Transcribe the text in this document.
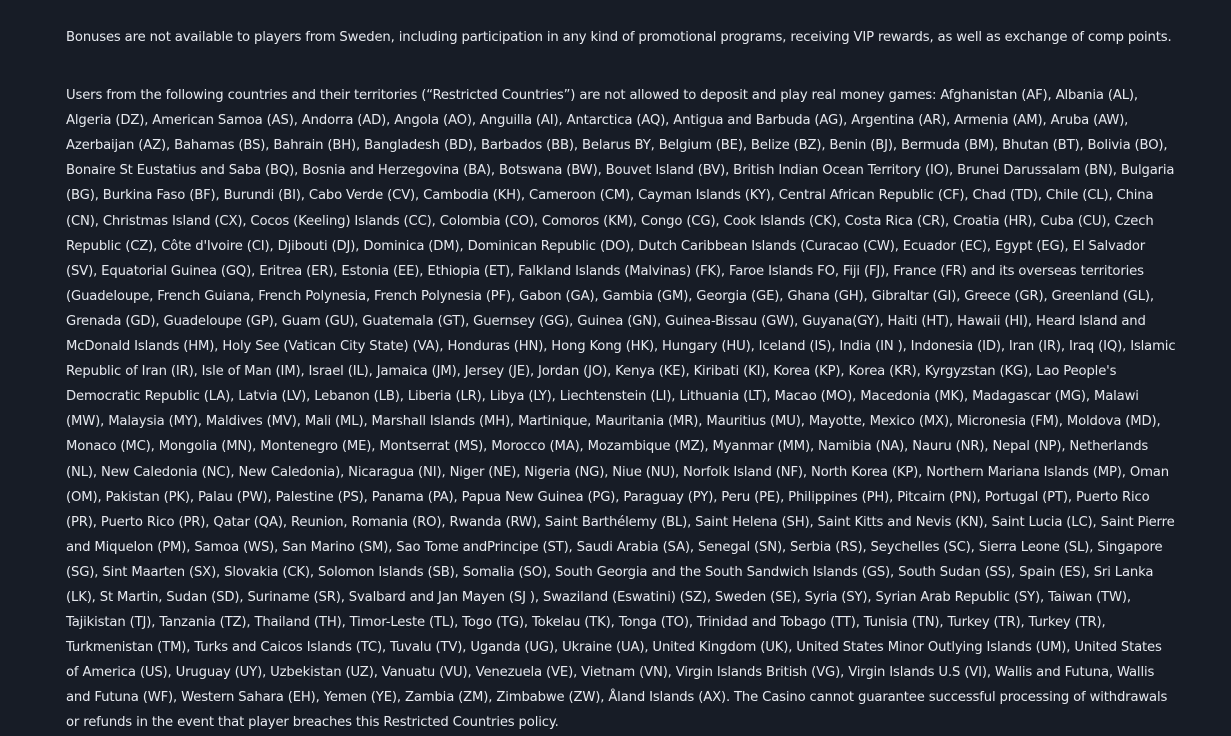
Bonuses are not available to players from Sweden, including participation in any kind of promotional programs, receiving VIP rewards, as well as exchange of comp points.

Users from the following countries and their territories (“Restricted Countries”) are not allowed to deposit and play real money games: Afghanistan (AF), Albania (AL), Algeria (DZ), American Samoa (AS), Andorra (AD), Angola (AO), Anguilla (AI), Antarctica (AQ), Antigua and Barbuda (AG), Argentina (AR), Armenia (AM), Aruba (AW), Azerbaijan (AZ), Bahamas (BS), Bahrain (BH), Bangladesh (BD), Barbados (BB), Belarus BY, Belgium (BE), Belize (BZ), Benin (BJ), Bermuda (BM), Bhutan (BT), Bolivia (BO), Bonaire St Eustatius and Saba (BQ), Bosnia and Herzegovina (BA), Botswana (BW), Bouvet Island (BV), British Indian Ocean Territory (IO), Brunei Darussalam (BN), Bulgaria (BG), Burkina Faso (BF), Burundi (BI), Cabo Verde (CV), Cambodia (KH), Cameroon (CM), Cayman Islands (KY), Central African Republic (CF), Chad (TD), Chile (CL), China (CN), Christmas Island (CX), Cocos (Keeling) Islands (CC), Colombia (CO), Comoros (KM), Congo (CG), Cook Islands (CK), Costa Rica (CR), Croatia (HR), Cuba (CU), Czech Republic (CZ), Côte d'Ivoire (CI), Djibouti (DJ), Dominica (DM), Dominican Republic (DO), Dutch Caribbean Islands (Curacao (CW), Ecuador (EC), Egypt (EG), El Salvador (SV), Equatorial Guinea (GQ), Eritrea (ER), Estonia (EE), Ethiopia (ET), Falkland Islands (Malvinas) (FK), Faroe Islands FO, Fiji (FJ), France (FR) and its overseas territories (Guadeloupe, French Guiana, French Polynesia, French Polynesia (PF), Gabon (GA), Gambia (GM), Georgia (GE), Ghana (GH), Gibraltar (GI), Greece (GR), Greenland (GL), Grenada (GD), Guadeloupe (GP), Guam (GU), Guatemala (GT), Guernsey (GG), Guinea (GN), Guinea-Bissau (GW), Guyana(GY), Haiti (HT), Hawaii (HI), Heard Island and McDonald Islands (HM), Holy See (Vatican City State) (VA), Honduras (HN), Hong Kong (HK), Hungary (HU), Iceland (IS), India (IN ), Indonesia (ID), Iran (IR), Iraq (IQ), Islamic Republic of Iran (IR), Isle of Man (IM), Israel (IL), Jamaica (JM), Jersey (JE), Jordan (JO), Kenya (KE), Kiribati (KI), Korea (KP), Korea (KR), Kyrgyzstan (KG), Lao People's Democratic Republic (LA), Latvia (LV), Lebanon (LB), Liberia (LR), Libya (LY), Liechtenstein (LI), Lithuania (LT), Macao (MO), Macedonia (MK), Madagascar (MG), Malawi (MW), Malaysia (MY), Maldives (MV), Mali (ML), Marshall Islands (MH), Martinique, Mauritania (MR), Mauritius (MU), Mayotte, Mexico (MX), Micronesia (FM), Moldova (MD), Monaco (MC), Mongolia (MN), Montenegro (ME), Montserrat (MS), Morocco (MA), Mozambique (MZ), Myanmar (MM), Namibia (NA), Nauru (NR), Nepal (NP), Netherlands (NL), New Caledonia (NC), New Caledonia), Nicaragua (NI), Niger (NE), Nigeria (NG), Niue (NU), Norfolk Island (NF), North Korea (KP), Northern Mariana Islands (MP), Oman (OM), Pakistan (PK), Palau (PW), Palestine (PS), Panama (PA), Papua New Guinea (PG), Paraguay (PY), Peru (PE), Philippines (PH), Pitcairn (PN), Portugal (PT), Puerto Rico (PR), Puerto Rico (PR), Qatar (QA), Reunion, Romania (RO), Rwanda (RW), Saint Barthélemy (BL), Saint Helena (SH), Saint Kitts and Nevis (KN), Saint Lucia (LC), Saint Pierre and Miquelon (PM), Samoa (WS), San Marino (SM), Sao Tome andPrincipe (ST), Saudi Arabia (SA), Senegal (SN), Serbia (RS), Seychelles (SC), Sierra Leone (SL), Singapore (SG), Sint Maarten (SX), Slovakia (CK), Solomon Islands (SB), Somalia (SO), South Georgia and the South Sandwich Islands (GS), South Sudan (SS), Spain (ES), Sri Lanka (LK), St Martin, Sudan (SD), Suriname (SR), Svalbard and Jan Mayen (SJ ), Swaziland (Eswatini) (SZ), Sweden (SE), Syria (SY), Syrian Arab Republic (SY), Taiwan (TW), Tajikistan (TJ), Tanzania (TZ), Thailand (TH), Timor-Leste (TL), Togo (TG), Tokelau (TK), Tonga (TO), Trinidad and Tobago (TT), Tunisia (TN), Turkey (TR), Turkey (TR), Turkmenistan (TM), Turks and Caicos Islands (TC), Tuvalu (TV), Uganda (UG), Ukraine (UA), United Kingdom (UK), United States Minor Outlying Islands (UM), United States of America (US), Uruguay (UY), Uzbekistan (UZ), Vanuatu (VU), Venezuela (VE), Vietnam (VN), Virgin Islands British (VG), Virgin Islands U.S (VI), Wallis and Futuna, Wallis and Futuna (WF), Western Sahara (EH), Yemen (YE), Zambia (ZM), Zimbabwe (ZW), Åland Islands (AX). The Casino cannot guarantee successful processing of withdrawals or refunds in the event that player breaches this Restricted Countries policy.
